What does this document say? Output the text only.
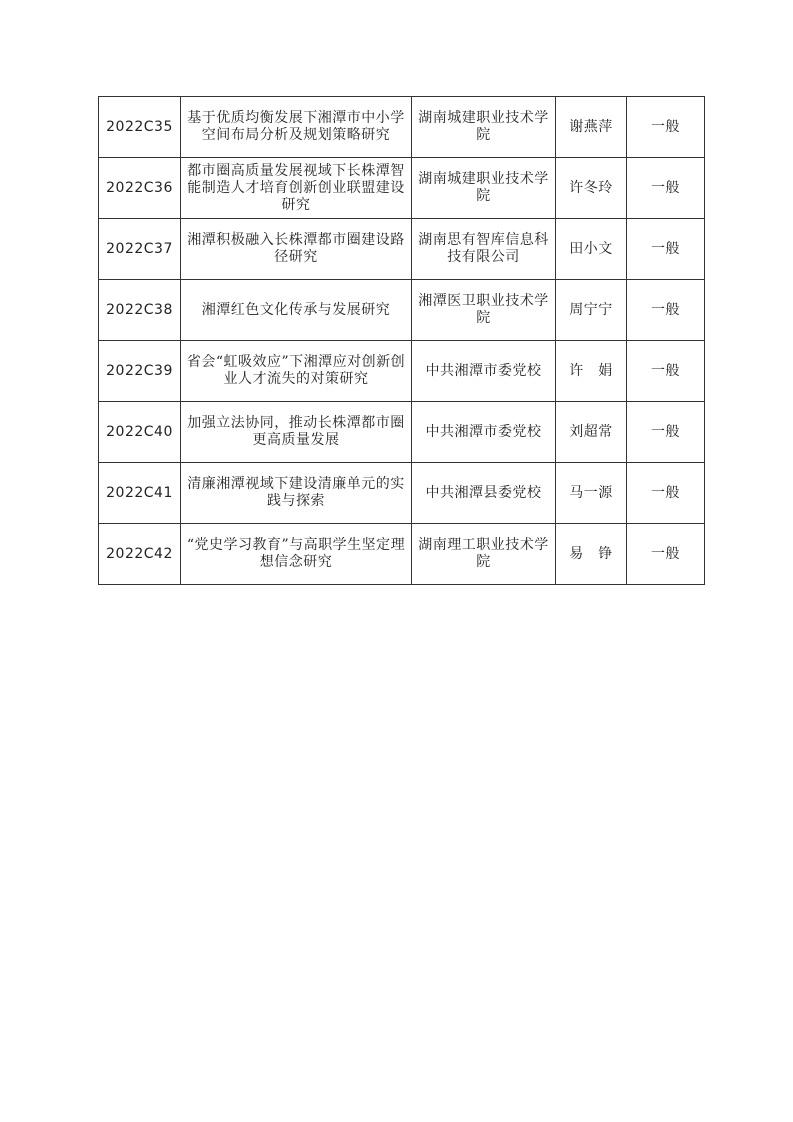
2022C35	基于优质均衡发展下湘潭市中小学空间布局分析及规划策略研究	湖南城建职业技术学院	谢燕萍	一般
2022C36	都市圈高质量发展视域下长株潭智能制造人才培育创新创业联盟建设研究	湖南城建职业技术学院	许冬玲	一般
2022C37	湘潭积极融入长株潭都市圈建设路径研究	湖南思有智库信息科技有限公司	田小文	一般
2022C38	湘潭红色文化传承与发展研究	湘潭医卫职业技术学院	周宁宁	一般
2022C39	省会“虹吸效应”下湘潭应对创新创业人才流失的对策研究	中共湘潭市委党校	许　娟	一般
2022C40	加强立法协同，推动长株潭都市圈更高质量发展	中共湘潭市委党校	刘超常	一般
2022C41	清廉湘潭视域下建设清廉单元的实践与探索	中共湘潭县委党校	马一源	一般
2022C42	“党史学习教育”与高职学生坚定理想信念研究	湖南理工职业技术学院	易　铮	一般
